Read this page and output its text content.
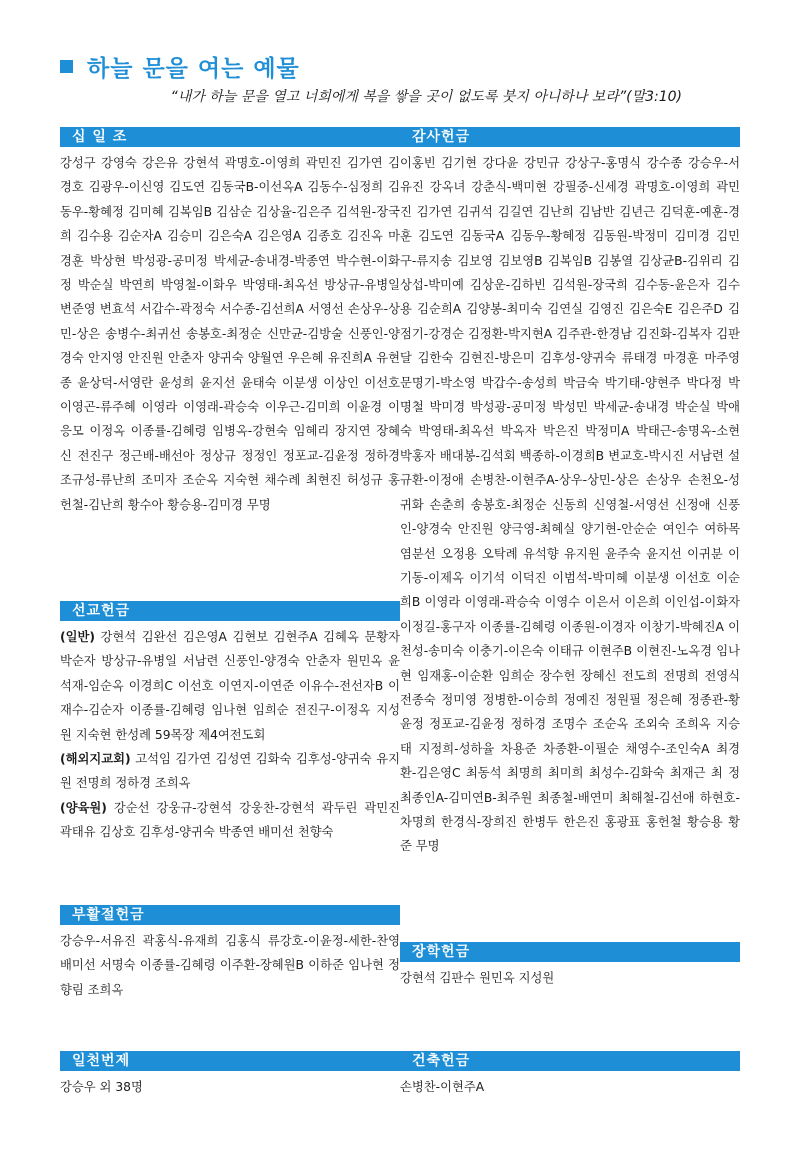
하늘 문을 여는 예물
“내가 하늘 문을 열고 너희에게 복을 쌓을 곳이 없도록 붓지 아니하나 보라”(말3:10)
십 일 조

강성구 강영숙 강은유 강현석 곽명호-이영희 곽민진 김가연 김경호 김광우-이신영 김도연 김동국B-이선옥A 김동수-심정희 김동우-황혜정 김미혜 김복임B 김삼순 김상율-김은주 김석원-장국희 김수용 김순자A 김승미 김은숙A 김은영A 김종호 김진옥 마경훈 박상현 박성광-공미정 박세균-송내경-박종연 박수현-이화정 박순실 박연희 박영철-이화우 박영태-최옥선 방상규-유병일 변준영 변효석 서갑수-곽정숙 서수종-김선희A 서영선 손상우-상민-상은 송병수-최귀선 송봉호-최정순 신만균-김방술 신풍인-양경숙 안지영 안진원 안춘자 양귀숙 양월연 우은혜 유진희A 유현종 윤상덕-서영란 윤성희 윤지선 윤태숙 이분생 이상인 이선호 이영곤-류주혜 이영라 이영래-곽승숙 이우근-김미희 이윤경 이응모 이정옥 이종률-김혜령 임병옥-강현숙 임혜리 장지연 장혜신 전진구 정근배-배선아 정상규 정정인 정포교-김윤정 정하경 조규성-류난희 조미자 조순옥 지숙현 채수례 최현진 허성규 홍헌철-김난희 황수아 황승용-김미경 무명

선교헌금

(일반) 강현석 김완선 김은영A 김현보 김현주A 김혜옥 문황자 박순자 방상규-유병일 서남련 신풍인-양경숙 안춘자 원민옥 윤석재-임순옥 이경희C 이선호 이연지-이연준 이유수-전선자B 이재수-김순자 이종률-김혜령 임나현 임희순 전진구-이정옥 지성원 지숙현 한성례 59목장 제4여전도회

(해외지교회) 고석임 김가연 김성연 김화숙 김후성-양귀숙 유지원 전명희 정하경 조희옥

(양육원) 강순선 강웅규-강현석 강웅찬-강현석 곽두린 곽민진 곽태유 김상호 김후성-양귀숙 박종연 배미선 천향숙

부활절헌금

강승우-서유진 곽홍식-유재희 김홍식 류강호-이윤정-세한-찬영 배미선 서명숙 이종률-김혜령 이주환-장혜원B 이하준 임나현 정향림 조희옥

일천번제

강승우 외 38명

감사헌금

이홍빈 김기현 강다윤 강민규 강상구-홍명식 강수종 강승우-서유진 강옥녀 강춘식-백미현 강필중-신세경 곽명호-이영희 곽민진 김가연 김귀석 김길연 김난희 김남반 김년근 김덕훈-예훈-경훈 김도연 김동국A 김동우-황혜정 김동원-박정미 김미경 김민구-류지송 김보영 김보영B 김복임B 김봉열 김상균B-김위리 김상섭-박미예 김상운-김하빈 김석원-장국희 김수동-윤은자 김수용 김순희A 김양봉-최미숙 김연실 김영진 김은숙E 김은주D 김점기-강경순 김정환-박지현A 김주관-한경남 김진화-김복자 김판달 김한숙 김현진-방은미 김후성-양귀숙 류태경 마경훈 마주영 문명기-박소영 박갑수-송성희 박금숙 박기태-양현주 박다정 박명철 박미경 박성광-공미정 박성민 박세균-송내경 박순실 박애숙 박영태-최옥선 박옥자 박은진 박정미A 박태근-송명옥-소현 박홍자 배대봉-김석회 백종하-이경희B 변교호-박시진 서남련 설규환-이정애 손병찬-이현주A-상우-상민-상은 손상우 손천오-성귀화 손춘희 송봉호-최정순 신동희 신영철-서영선 신정애 신풍인-양경숙 안진원 양극영-최혜실 양기현-안순순 여인수 여하목 염분선 오정용 오탁례 유석향 유지원 윤주숙 윤지선 이귀분 이기동-이제옥 이기석 이덕진 이범석-박미혜 이분생 이선호 이순희B 이영라 이영래-곽승숙 이영수 이은서 이은희 이인섭-이화자 이정길-홍구자 이종률-김혜령 이종원-이경자 이창기-박혜진A 이천성-송미숙 이충기-이은숙 이태규 이현주B 이현진-노옥경 임나현 임재홍-이순환 임희순 장수헌 장혜신 전도희 전명희 전영식 전종숙 정미영 정병한-이승희 정예진 정원필 정은혜 정종관-황윤정 정포교-김윤정 정하경 조명수 조순옥 조외숙 조희옥 지승태 지정희-성하율 차용준 차종환-이필순 채영수-조인숙A 최경환-김은영C 최동석 최명희 최미희 최성수-김화숙 최재근 최 정 최종인A-김미연B-최주원 최종철-배연미 최해철-김선애 하현호-차명희 한경식-장희진 한병두 한은진 홍광표 홍헌철 황승용 황 준 무명

장학헌금

강현석 김판수 원민옥 지성원

건축헌금

손병찬-이현주A
